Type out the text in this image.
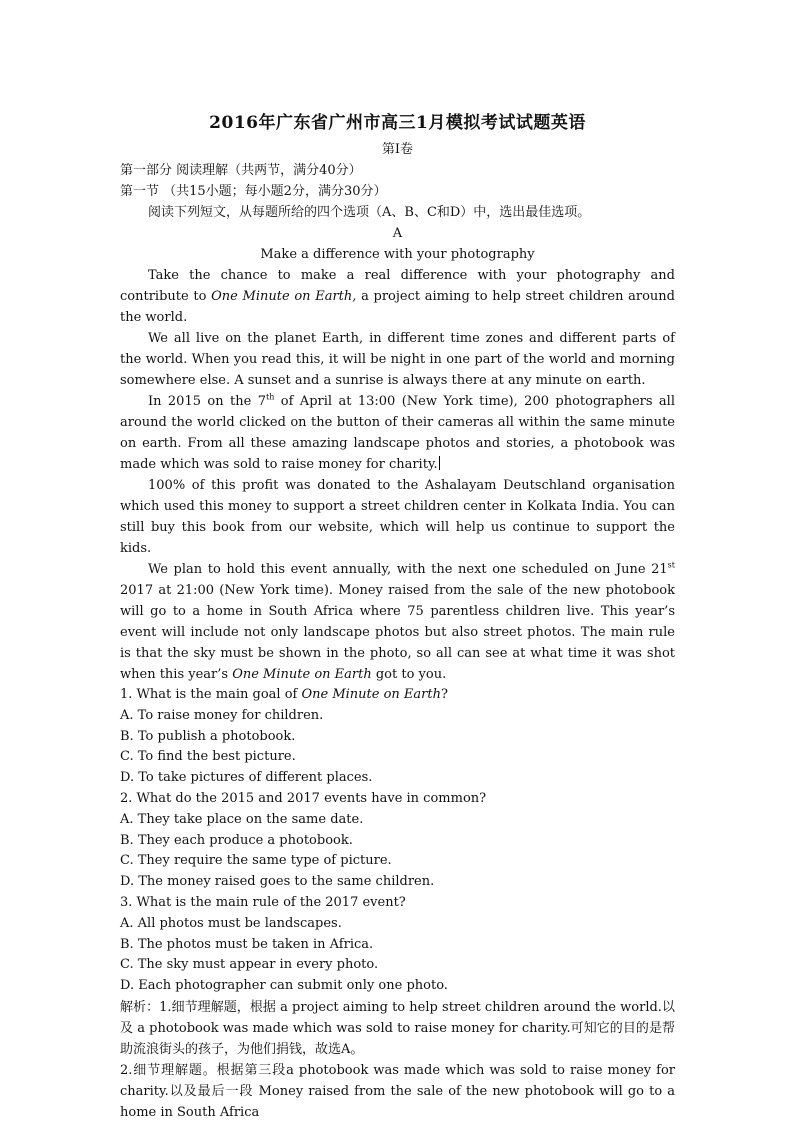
2016年广东省广州市高三1月模拟考试试题英语
第Ⅰ卷
第一部分 阅读理解（共两节，满分40分）
第一节 （共15小题；每小题2分，满分30分）
阅读下列短文，从每题所给的四个选项（A、B、C和D）中，选出最佳选项。
A
Make a difference with your photography

Take the chance to make a real difference with your photography and contribute to One Minute on Earth, a project aiming to help street children around the world.

We all live on the planet Earth, in different time zones and different parts of the world. When you read this, it will be night in one part of the world and morning somewhere else. A sunset and a sunrise is always there at any minute on earth.

In 2015 on the 7th of April at 13:00 (New York time), 200 photographers all around the world clicked on the button of their cameras all within the same minute on earth. From all these amazing landscape photos and stories, a photobook was made which was sold to raise money for charity.

100% of this profit was donated to the Ashalayam Deutschland organisation which used this money to support a street children center in Kolkata India. You can still buy this book from our website, which will help us continue to support the kids.

We plan to hold this event annually, with the next one scheduled on June 21st 2017 at 21:00 (New York time). Money raised from the sale of the new photobook will go to a home in South Africa where 75 parentless children live. This year’s event will include not only landscape photos but also street photos. The main rule is that the sky must be shown in the photo, so all can see at what time it was shot when this year’s One Minute on Earth got to you.

1. What is the main goal of One Minute on Earth?

A. To raise money for children.

B. To publish a photobook.

C. To find the best picture.

D. To take pictures of different places.

2. What do the 2015 and 2017 events have in common?

A. They take place on the same date.

B. They each produce a photobook.

C. They require the same type of picture.

D. The money raised goes to the same children.

3. What is the main rule of the 2017 event?

A. All photos must be landscapes.

B. The photos must be taken in Africa.

C. The sky must appear in every photo.

D. Each photographer can submit only one photo.

解析：1.细节理解题，根据 a project aiming to help street children around the world.以及 a photobook was made which was sold to raise money for charity.可知它的目的是帮助流浪街头的孩子，为他们捐钱，故选A。

2.细节理解题。根据第三段a photobook was made which was sold to raise money for charity.以及最后一段 Money raised from the sale of the new photobook will go to a home in South Africa
